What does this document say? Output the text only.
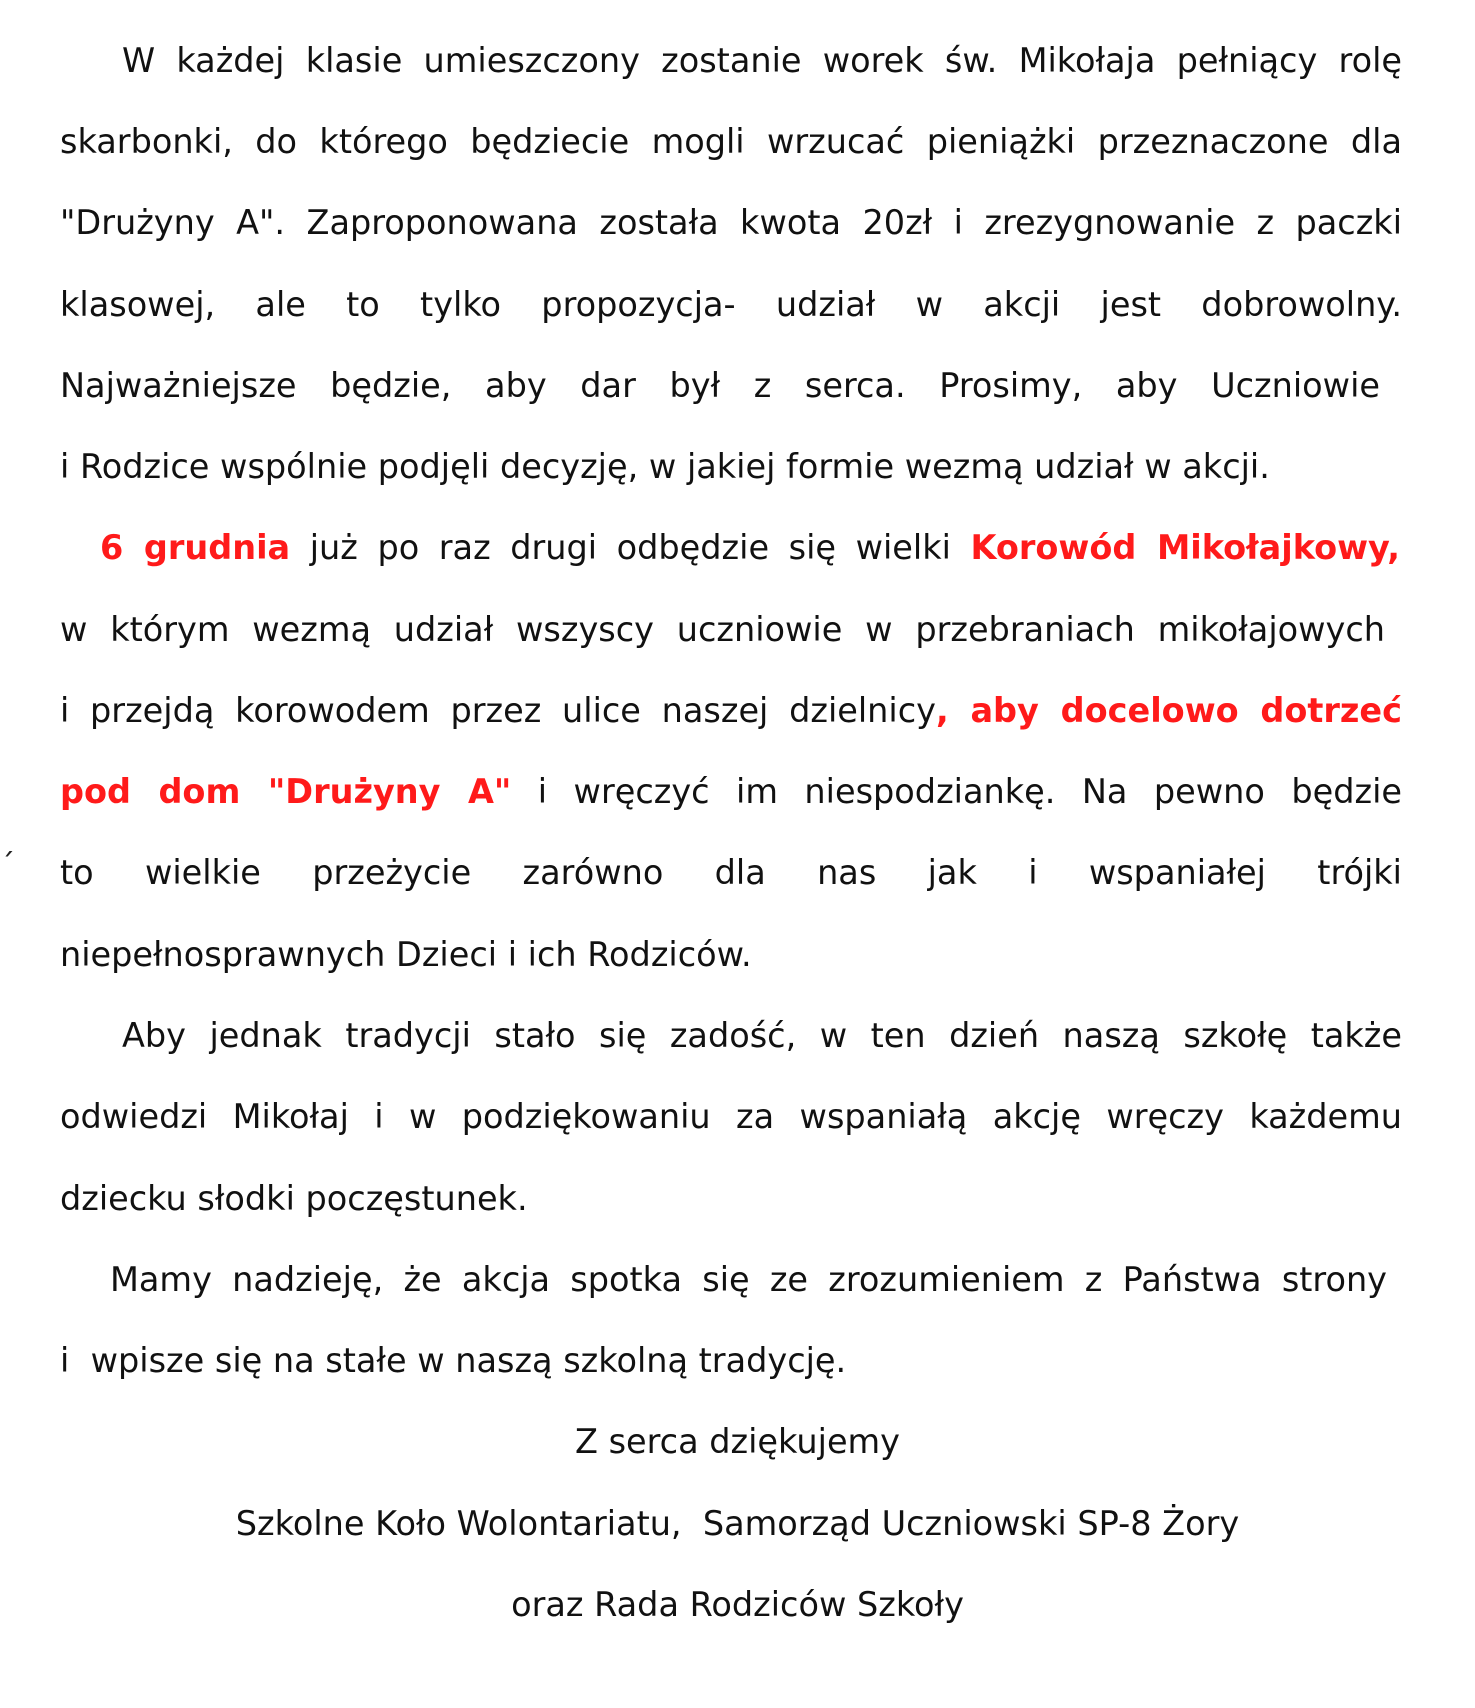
´
W każdej klasie umieszczony zostanie worek św. Mikołaja pełniący rolę
skarbonki, do którego będziecie mogli wrzucać pieniążki przeznaczone dla
"Drużyny A". Zaproponowana została kwota 20zł i zrezygnowanie z paczki
klasowej, ale to tylko propozycja- udział w akcji jest dobrowolny.
Najważniejsze będzie, aby dar był z serca. Prosimy, aby Uczniowie
i Rodzice wspólnie podjęli decyzję, w jakiej formie wezmą udział w akcji.
6 grudnia już po raz drugi odbędzie się wielki Korowód Mikołajkowy,
w którym wezmą udział wszyscy uczniowie w przebraniach mikołajowych
i przejdą korowodem przez ulice naszej dzielnicy, aby docelowo dotrzeć
pod dom "Drużyny A" i wręczyć im niespodziankę. Na pewno będzie
to wielkie przeżycie zarówno dla nas jak i wspaniałej trójki
niepełnosprawnych Dzieci i ich Rodziców.
Aby jednak tradycji stało się zadość, w ten dzień naszą szkołę także
odwiedzi Mikołaj i w podziękowaniu za wspaniałą akcję wręczy każdemu
dziecku słodki poczęstunek.
Mamy nadzieję, że akcja spotka się ze zrozumieniem z Państwa strony
i  wpisze się na stałe w naszą szkolną tradycję.
Z serca dziękujemy
Szkolne Koło Wolontariatu,  Samorząd Uczniowski SP-8 Żory
oraz Rada Rodziców Szkoły
